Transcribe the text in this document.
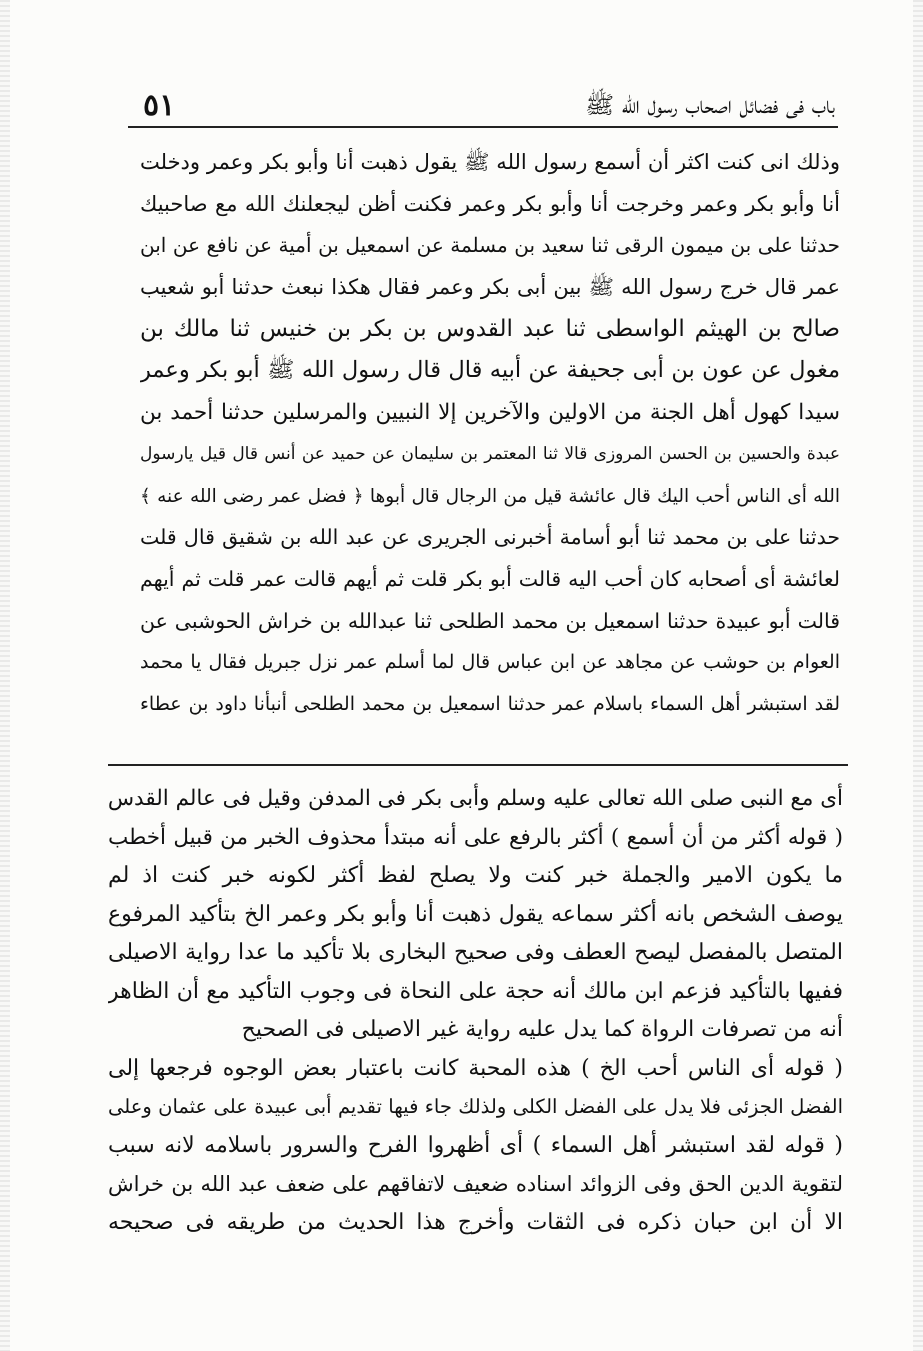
٥١	باب فى فضائل اصحاب رسول الله ﷺ
وذلك انى كنت اكثر أن أسمع رسول الله ﷺ يقول ذهبت أنا وأبو بكر وعمر ودخلت
أنا وأبو بكر وعمر وخرجت أنا وأبو بكر وعمر فكنت أظن ليجعلنك الله مع صاحبيك
حدثنا على بن ميمون الرقى ثنا سعيد بن مسلمة عن اسمعيل بن أمية عن نافع عن ابن
عمر قال خرج رسول الله ﷺ بين أبى بكر وعمر فقال هكذا نبعث حدثنا أبو شعيب
صالح بن الهيثم الواسطى ثنا عبد القدوس بن بكر بن خنيس ثنا مالك بن
مغول عن عون بن أبى جحيفة عن أبيه قال قال رسول الله ﷺ أبو بكر وعمر
سيدا كهول أهل الجنة من الاولين والآخرين إلا النبيين والمرسلين حدثنا أحمد بن
عبدة والحسين بن الحسن المروزى قالا ثنا المعتمر بن سليمان عن حميد عن أنس قال قيل يارسول
الله أى الناس أحب اليك قال عائشة قيل من الرجال قال أبوها ﴿ فضل عمر رضى الله عنه ﴾
حدثنا على بن محمد ثنا أبو أسامة أخبرنى الجريرى عن عبد الله بن شقيق قال قلت
لعائشة أى أصحابه كان أحب اليه قالت أبو بكر قلت ثم أيهم قالت عمر قلت ثم أيهم
قالت أبو عبيدة حدثنا اسمعيل بن محمد الطلحى ثنا عبدالله بن خراش الحوشبى عن
العوام بن حوشب عن مجاهد عن ابن عباس قال لما أسلم عمر نزل جبريل فقال يا محمد
لقد استبشر أهل السماء باسلام عمر حدثنا اسمعيل بن محمد الطلحى أنبأنا داود بن عطاء
أى مع النبى صلى الله تعالى عليه وسلم وأبى بكر فى المدفن وقيل فى عالم القدس
( قوله أكثر من أن أسمع ) أكثر بالرفع على أنه مبتدأ محذوف الخبر من قبيل أخطب
ما يكون الامير والجملة خبر كنت ولا يصلح لفظ أكثر لكونه خبر كنت اذ لم
يوصف الشخص بانه أكثر سماعه يقول ذهبت أنا وأبو بكر وعمر الخ بتأكيد المرفوع
المتصل بالمفصل ليصح العطف وفى صحيح البخارى بلا تأكيد ما عدا رواية الاصيلى
ففيها بالتأكيد فزعم ابن مالك أنه حجة على النحاة فى وجوب التأكيد مع أن الظاهر
أنه من تصرفات الرواة كما يدل عليه رواية غير الاصيلى فى الصحيح
( قوله أى الناس أحب الخ ) هذه المحبة كانت باعتبار بعض الوجوه فرجعها إلى
الفضل الجزئى فلا يدل على الفضل الكلى ولذلك جاء فيها تقديم أبى عبيدة على عثمان وعلى
( قوله لقد استبشر أهل السماء ) أى أظهروا الفرح والسرور باسلامه لانه سبب
لتقوية الدين الحق وفى الزوائد اسناده ضعيف لاتفاقهم على ضعف عبد الله بن خراش
الا أن ابن حبان ذكره فى الثقات وأخرج هذا الحديث من طريقه فى صحيحه
